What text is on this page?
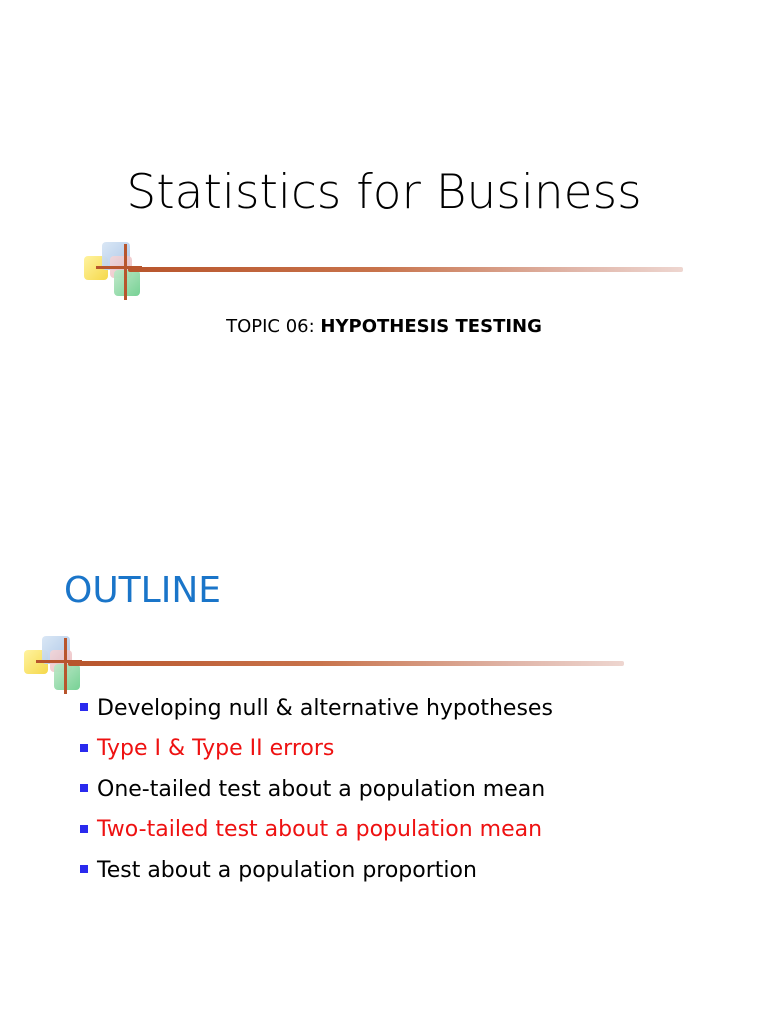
Statistics for Business

TOPIC 06: HYPOTHESIS TESTING

OUTLINE
Developing null & alternative hypotheses
Type I & Type II errors
One-tailed test about a population mean
Two-tailed test about a population mean
Test about a population proportion
